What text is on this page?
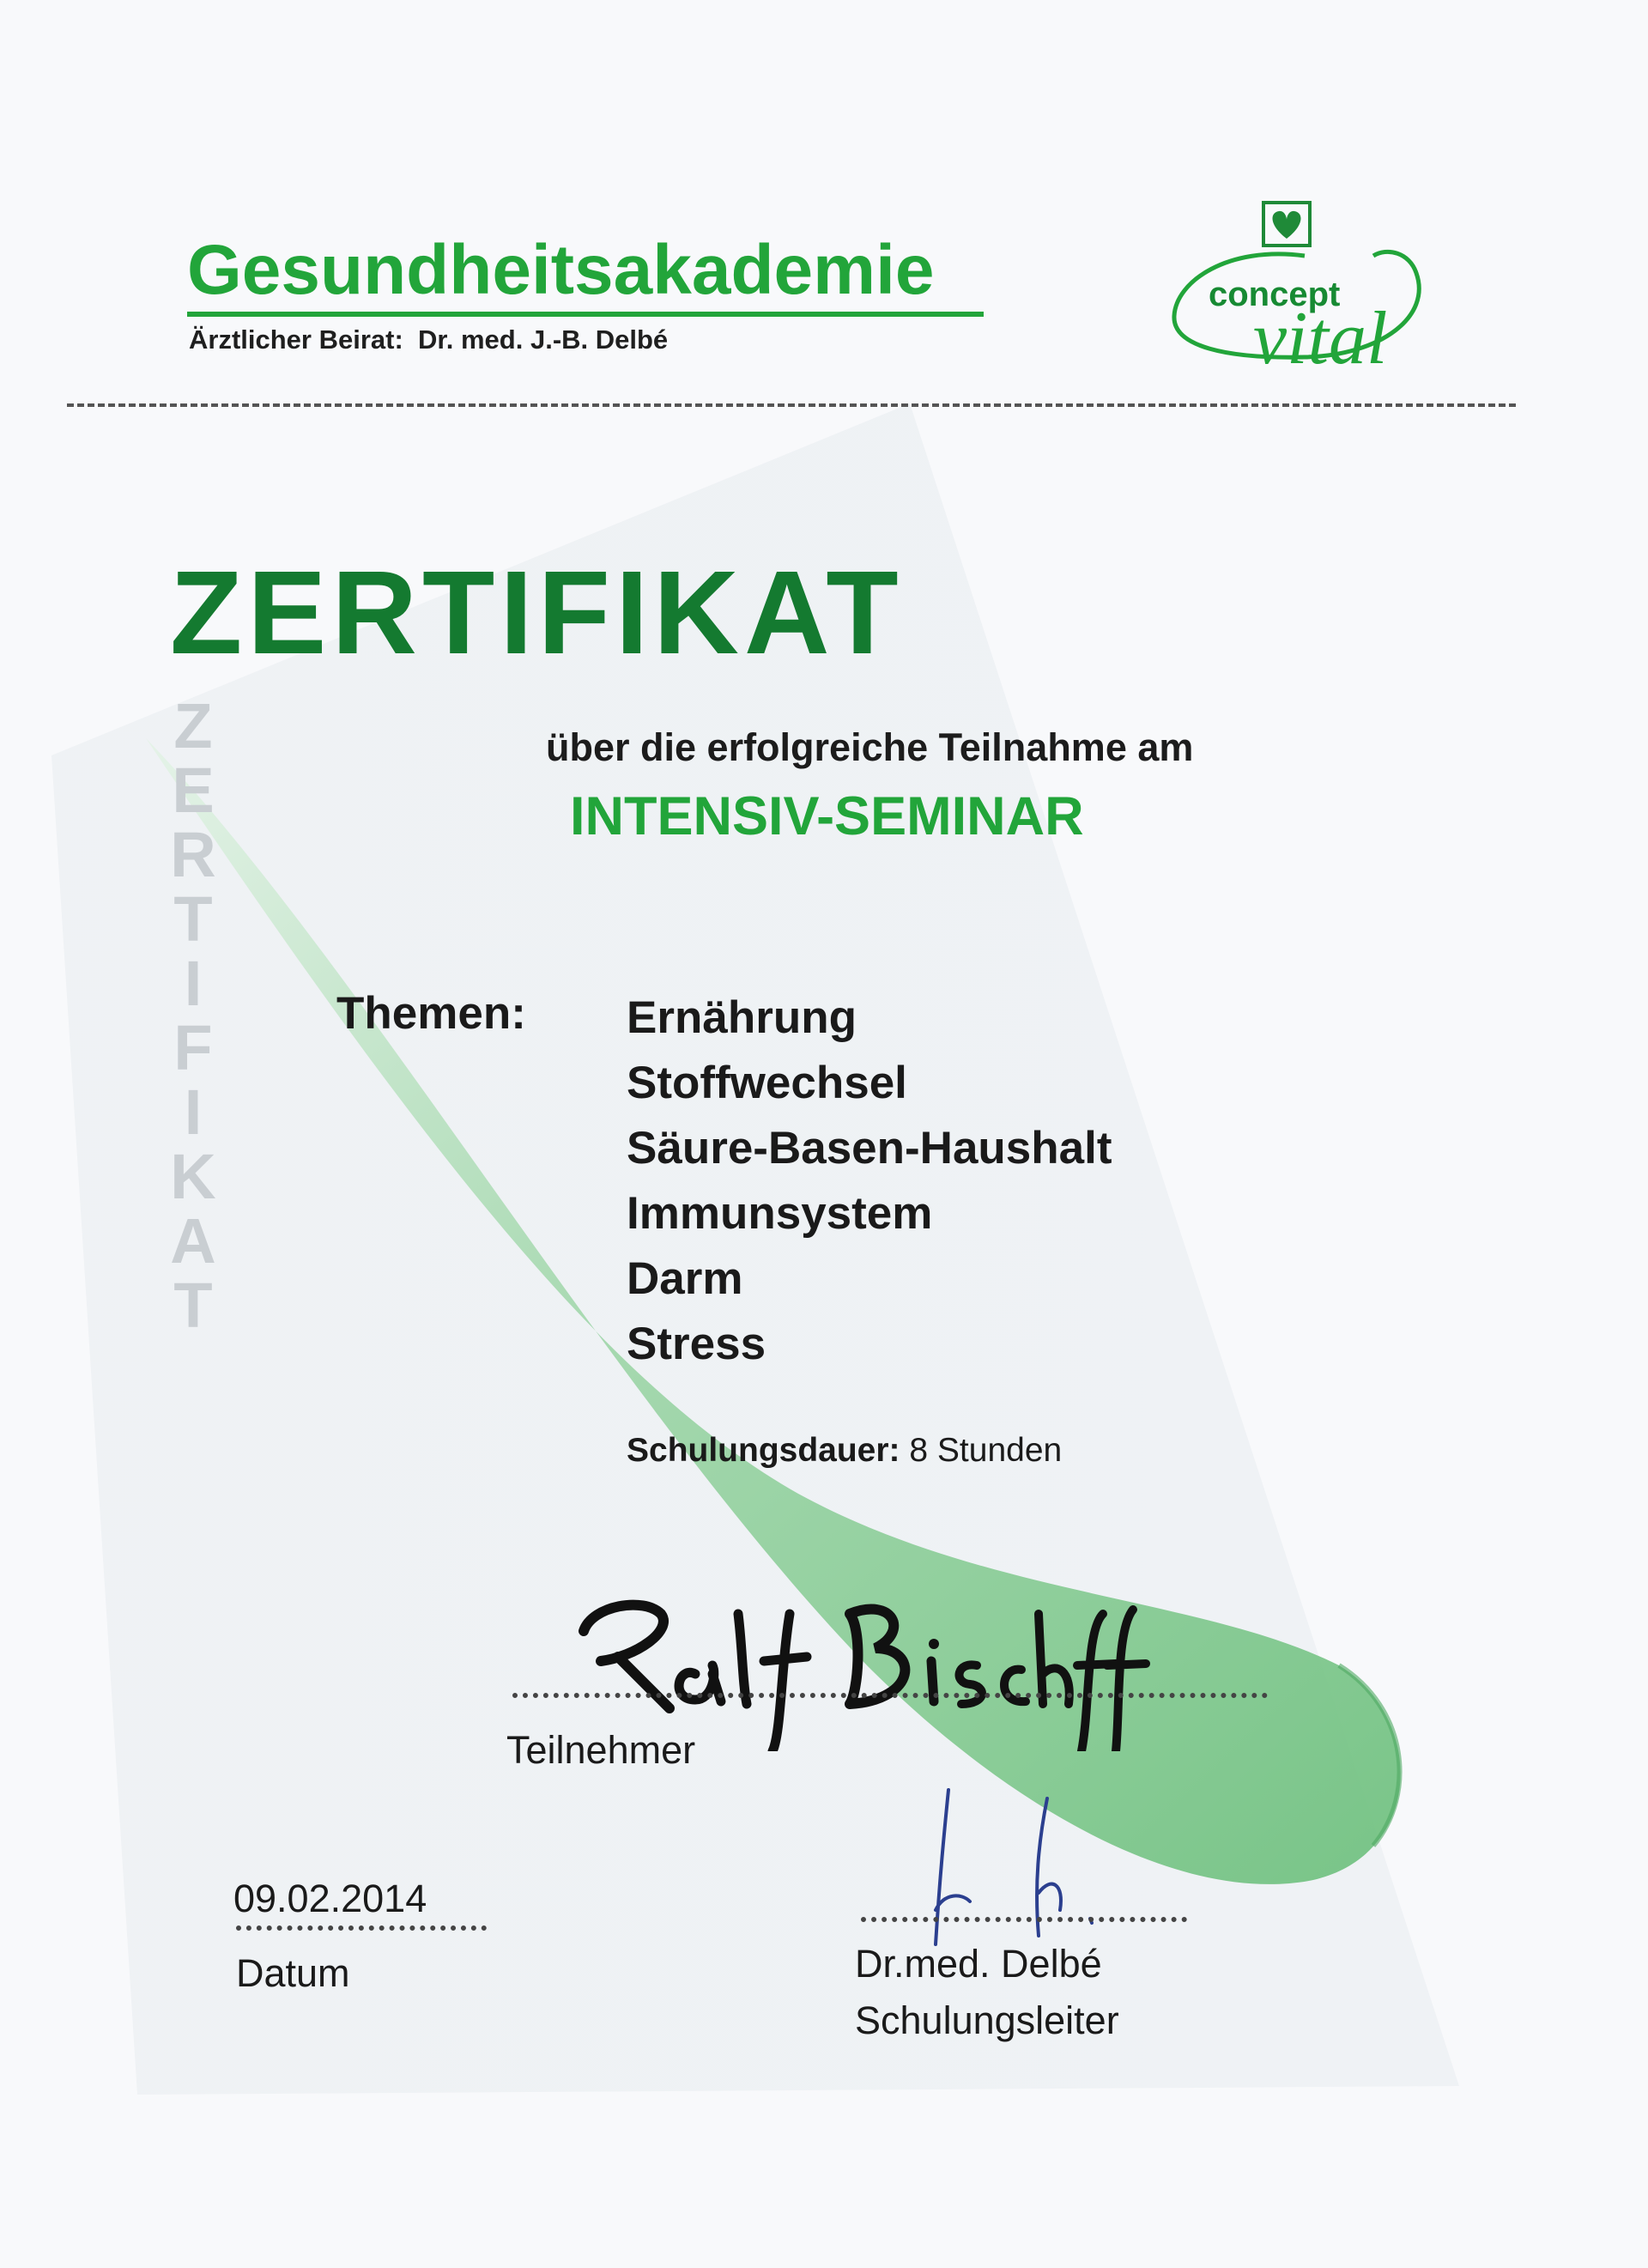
Gesundheitsakademie
Ärztlicher Beirat: Dr. med. J.-B. Delbé
concept
vital
ZERTIFIKAT
Z
E
R
T
I
F
I
K
A
T
über die erfolgreiche Teilnahme am
INTENSIV-SEMINAR
Themen: Ernährung
Stoffwechsel
Säure-Basen-Haushalt
Immunsystem
Darm
Stress
Schulungsdauer: 8 Stunden
Teilnehmer
09.02.2014
Datum	Dr.med. Delbé
Schulungsleiter
